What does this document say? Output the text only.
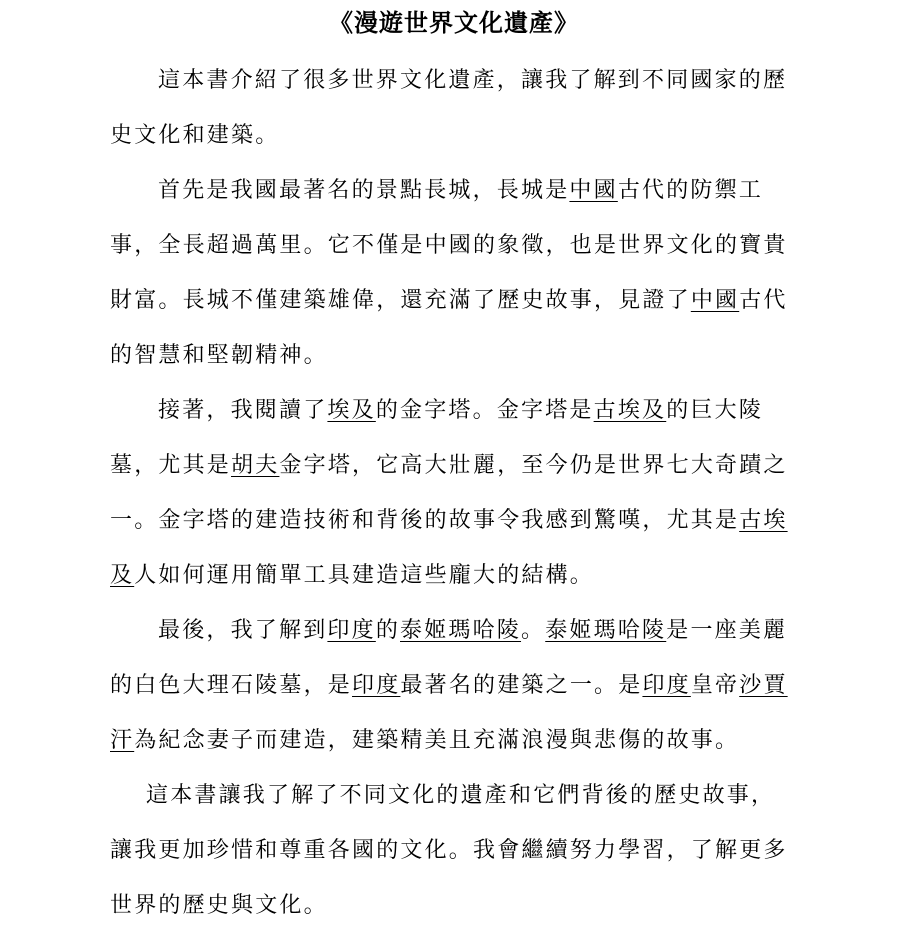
《漫遊世界文化遺產》
這本書介紹了很多世界文化遺產，讓我了解到不同國家的歷
史文化和建築。
首先是我國最著名的景點長城，長城是中國古代的防禦工
事，全長超過萬里。它不僅是中國的象徵，也是世界文化的寶貴
財富。長城不僅建築雄偉，還充滿了歷史故事，見證了中國古代
的智慧和堅韌精神。
接著，我閱讀了埃及的金字塔。金字塔是古埃及的巨大陵
墓，尤其是胡夫金字塔，它高大壯麗，至今仍是世界七大奇蹟之
一。金字塔的建造技術和背後的故事令我感到驚嘆，尤其是古埃
及人如何運用簡單工具建造這些龐大的結構。
最後，我了解到印度的泰姬瑪哈陵。泰姬瑪哈陵是一座美麗
的白色大理石陵墓，是印度最著名的建築之一。是印度皇帝沙賈
汗為紀念妻子而建造，建築精美且充滿浪漫與悲傷的故事。
這本書讓我了解了不同文化的遺產和它們背後的歷史故事，
讓我更加珍惜和尊重各國的文化。我會繼續努力學習，了解更多
世界的歷史與文化。
